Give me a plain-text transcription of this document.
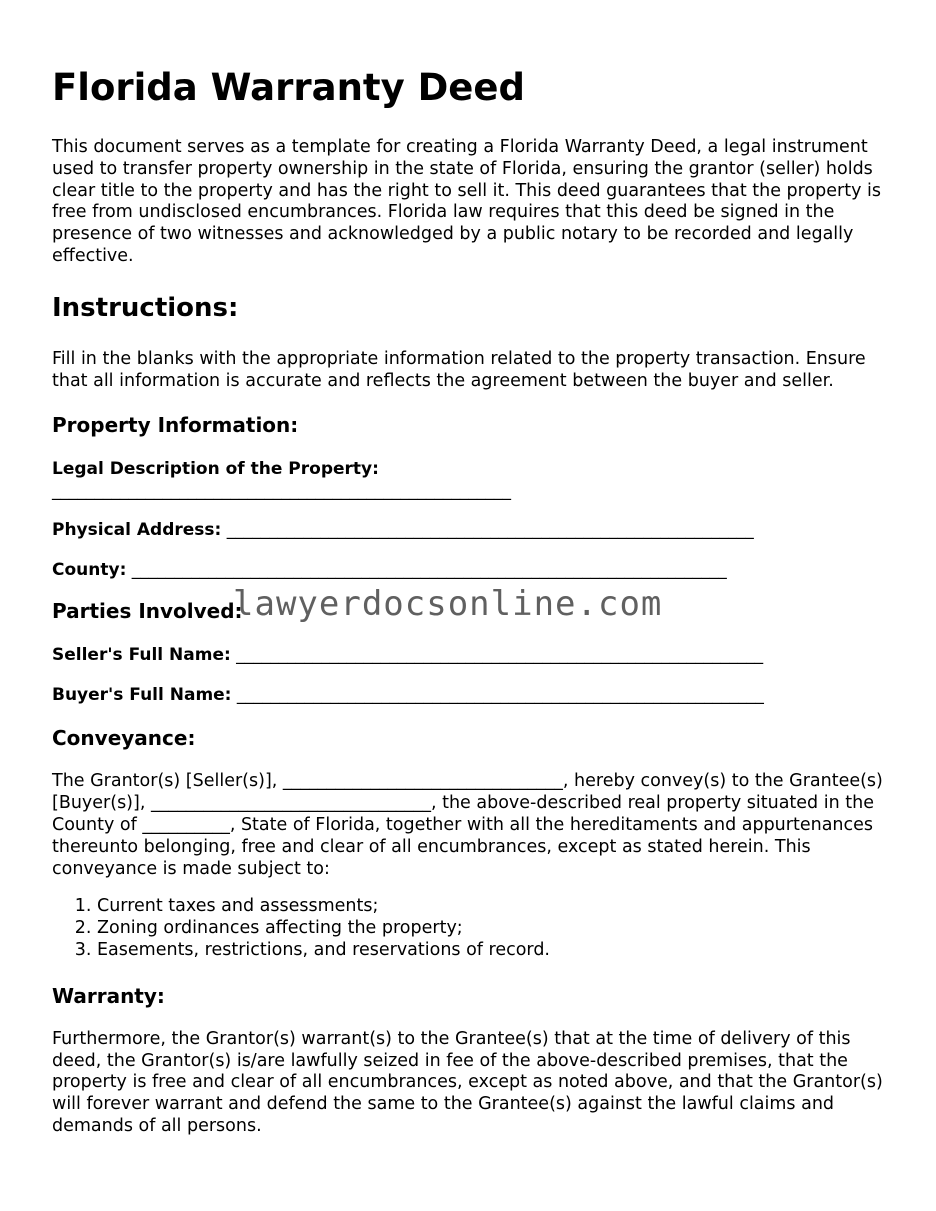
Florida Warranty Deed

This document serves as a template for creating a Florida Warranty Deed, a legal instrument used to transfer property ownership in the state of Florida, ensuring the grantor (seller) holds clear title to the property and has the right to sell it. This deed guarantees that the property is free from undisclosed encumbrances. Florida law requires that this deed be signed in the presence of two witnesses and acknowledged by a public notary to be recorded and legally effective.

Instructions:

Fill in the blanks with the appropriate information related to the property transaction. Ensure that all information is accurate and reflects the agreement between the buyer and seller.

Property Information:
Legal Description of the Property:
______________________________________________________
Physical Address: ______________________________________________________________
County: ______________________________________________________________________
Parties Involved:
Seller's Full Name: ______________________________________________________________
Buyer's Full Name: ______________________________________________________________
Conveyance:

The Grantor(s) [Seller(s)], ________________________________, hereby convey(s) to the Grantee(s) [Buyer(s)], ________________________________, the above-described real property situated in the County of __________, State of Florida, together with all the hereditaments and appurtenances thereunto belonging, free and clear of all encumbrances, except as stated herein. This conveyance is made subject to:

1. Current taxes and assessments;
2. Zoning ordinances affecting the property;
3. Easements, restrictions, and reservations of record.
Warranty:

Furthermore, the Grantor(s) warrant(s) to the Grantee(s) that at the time of delivery of this deed, the Grantor(s) is/are lawfully seized in fee of the above-described premises, that the property is free and clear of all encumbrances, except as noted above, and that the Grantor(s) will forever warrant and defend the same to the Grantee(s) against the lawful claims and demands of all persons.

lawyerdocsonline.com
